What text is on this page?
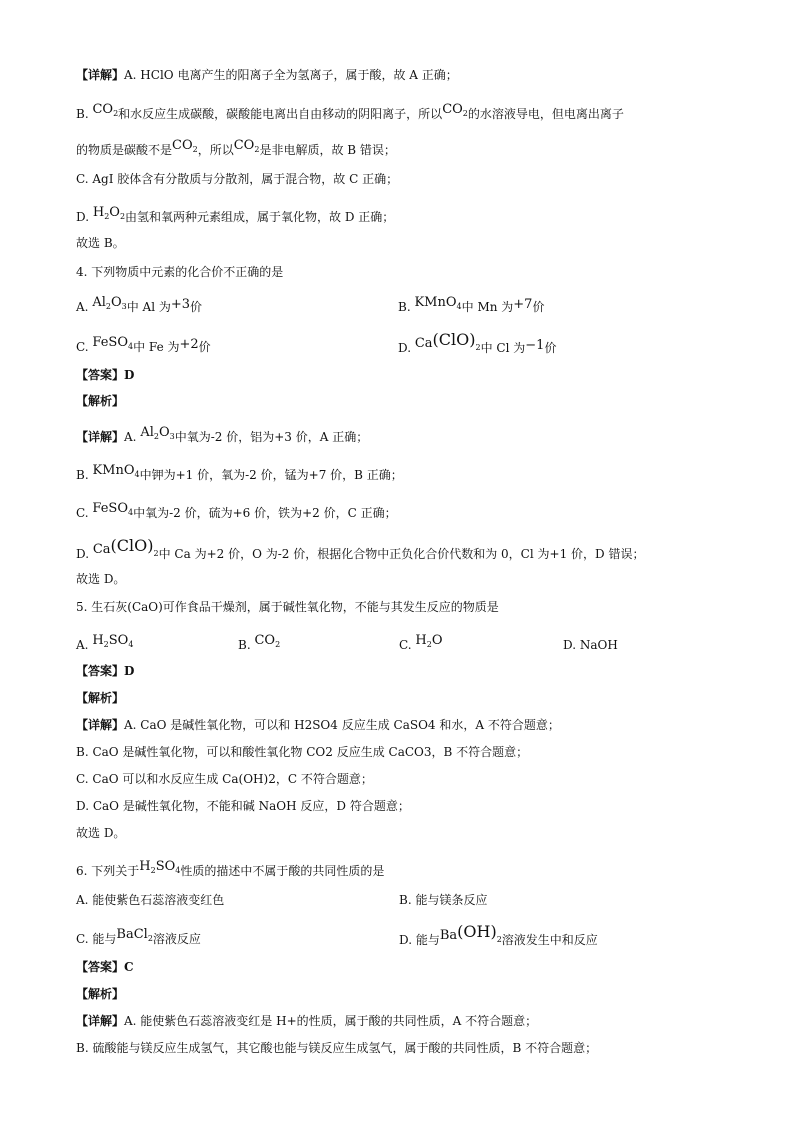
【详解】A. HClO 电离产生的阳离子全为氢离子，属于酸，故 A 正确；
B. $CO_2$和水反应生成碳酸，碳酸能电离出自由移动的阴阳离子，所以$CO_2$的水溶液导电，但电离出离子
的物质是碳酸不是$CO_2$，所以$CO_2$是非电解质，故 B 错误；
C. AgI 胶体含有分散质与分散剂，属于混合物，故 C 正确；
D. $H_2O_2$由氢和氧两种元素组成，属于氧化物，故 D 正确；
故选 B。
4. 下列物质中元素的化合价不正确的是
A. $Al_2O_3$中 Al 为+3价	B. KMnO$_4$中 Mn 为+7价
C. FeSO$_4$中 Fe 为+2价	D. $Ca(ClO)_2$中 Cl 为−1价
【答案】D
【解析】
【详解】A. $Al_2O_3$中氧为-2 价，铝为+3 价，A 正确；
B. KMnO$_4$中钾为+1 价，氧为-2 价，锰为+7 价，B 正确；
C. FeSO$_4$中氧为-2 价，硫为+6 价，铁为+2 价，C 正确；
D. $Ca(ClO)_2$中 Ca 为+2 价，O 为-2 价，根据化合物中正负化合价代数和为 0，Cl 为+1 价，D 错误；
故选 D。
5. 生石灰(CaO)可作食品干燥剂，属于碱性氧化物，不能与其发生反应的物质是
A. $H_2SO_4$	B. $CO_2$	C. $H_2O$	D. NaOH
【答案】D
【解析】
【详解】A. CaO 是碱性氧化物，可以和 H2SO4 反应生成 CaSO4 和水，A 不符合题意；
B. CaO 是碱性氧化物，可以和酸性氧化物 CO2 反应生成 CaCO3，B 不符合题意；
C. CaO 可以和水反应生成 Ca(OH)2，C 不符合题意；
D. CaO 是碱性氧化物，不能和碱 NaOH 反应，D 符合题意；
故选 D。
6. 下列关于$H_2SO_4$性质的描述中不属于酸的共同性质的是
A. 能使紫色石蕊溶液变红色	B. 能与镁条反应
C. 能与BaCl$_2$溶液反应	D. 能与$Ba(OH)_2$溶液发生中和反应
【答案】C
【解析】
【详解】A. 能使紫色石蕊溶液变红是 H+的性质，属于酸的共同性质，A 不符合题意；
B. 硫酸能与镁反应生成氢气，其它酸也能与镁反应生成氢气，属于酸的共同性质，B 不符合题意；
